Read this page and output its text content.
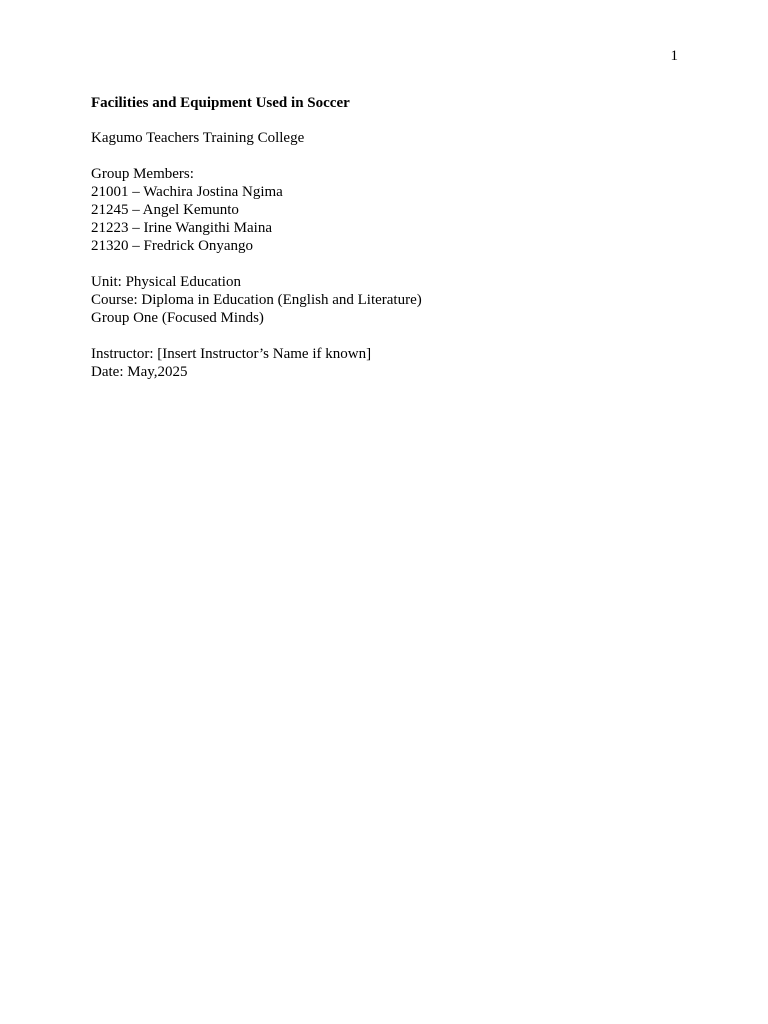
1
Facilities and Equipment Used in Soccer

Kagumo Teachers Training College

Group Members:

21001 – Wachira Jostina Ngima

21245 – Angel Kemunto

21223 – Irine Wangithi Maina

21320 – Fredrick Onyango

Unit: Physical Education

Course: Diploma in Education (English and Literature)

Group One (Focused Minds)

Instructor: [Insert Instructor’s Name if known]

Date: May,2025
